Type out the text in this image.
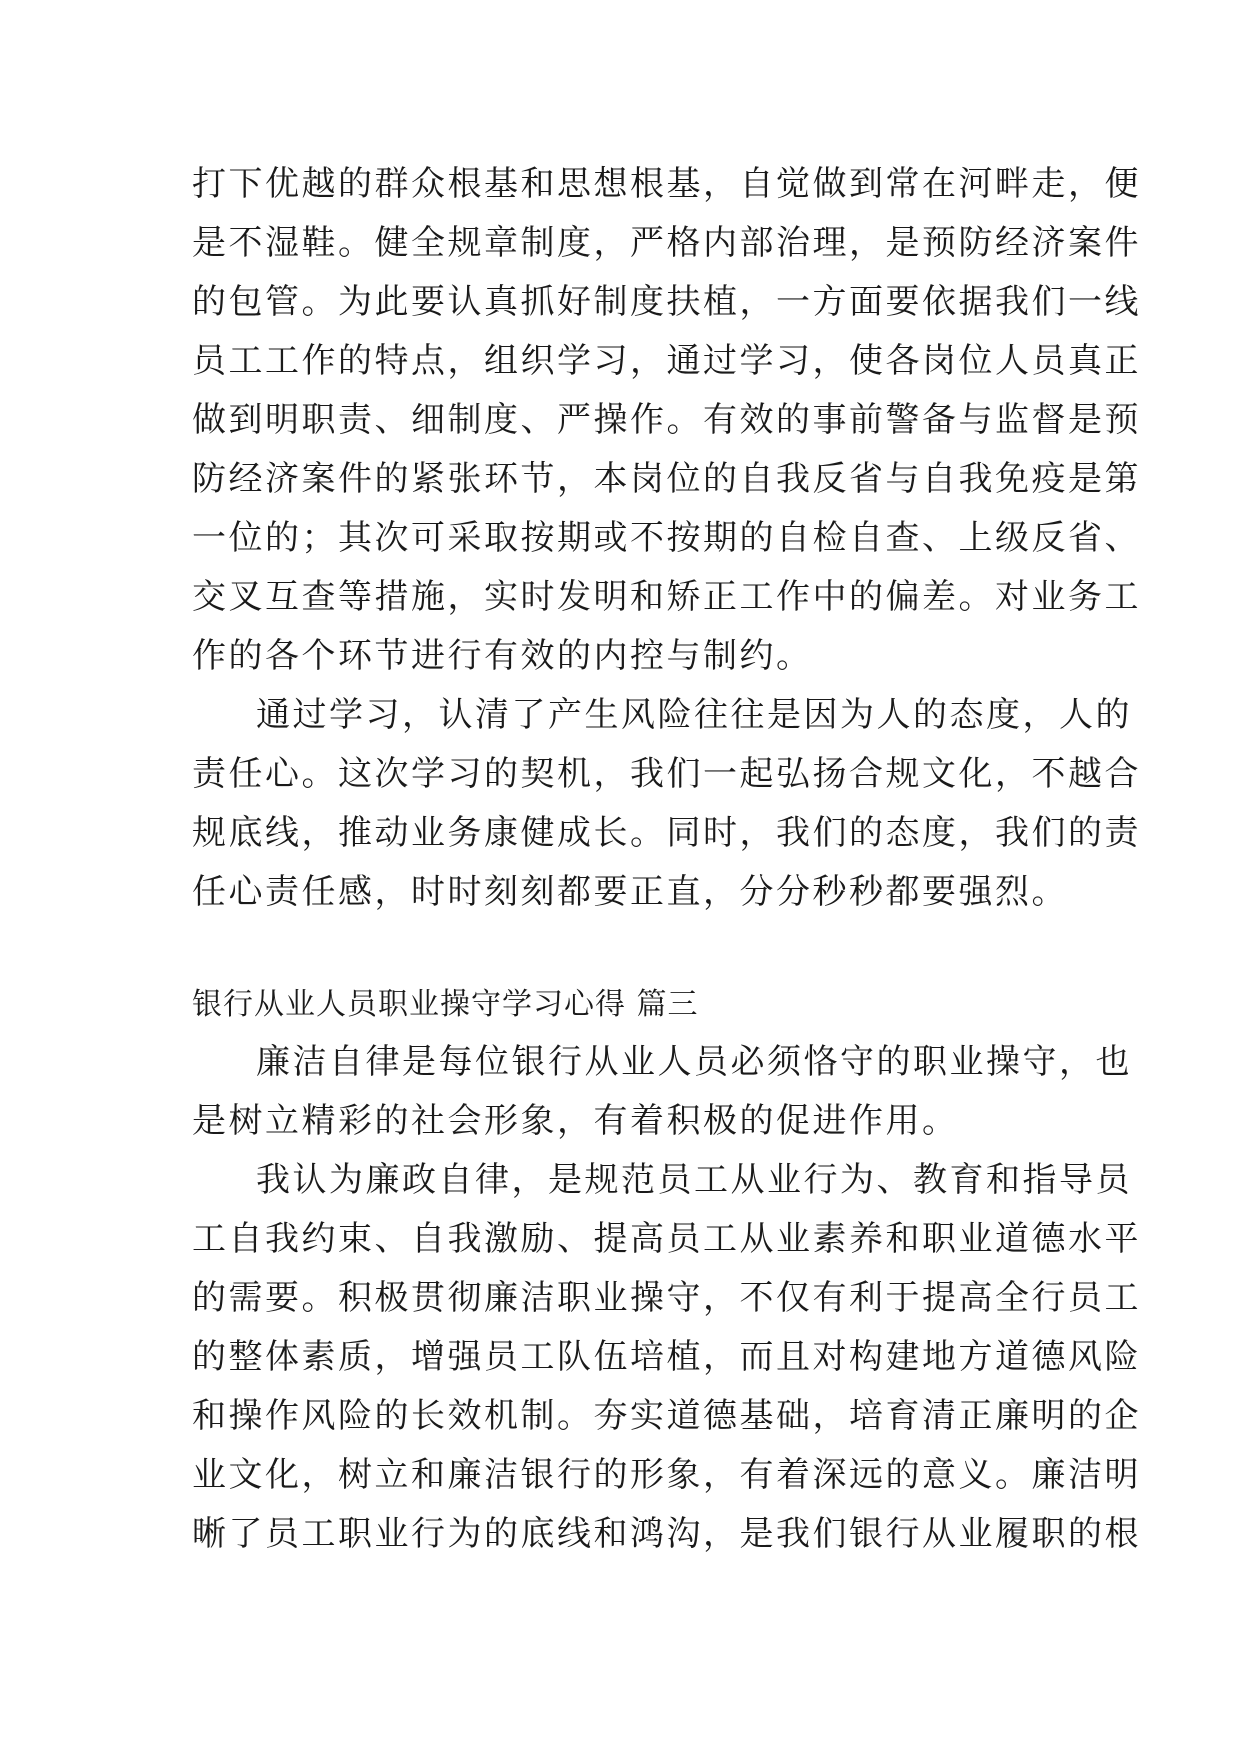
打下优越的群众根基和思想根基，自觉做到常在河畔走，便
是不湿鞋。健全规章制度，严格内部治理，是预防经济案件
的包管。为此要认真抓好制度扶植，一方面要依据我们一线
员工工作的特点，组织学习，通过学习，使各岗位人员真正
做到明职责、细制度、严操作。有效的事前警备与监督是预
防经济案件的紧张环节，本岗位的自我反省与自我免疫是第
一位的；其次可采取按期或不按期的自检自查、上级反省、
交叉互查等措施，实时发明和矫正工作中的偏差。对业务工
作的各个环节进行有效的内控与制约。
通过学习，认清了产生风险往往是因为人的态度，人的
责任心。这次学习的契机，我们一起弘扬合规文化，不越合
规底线，推动业务康健成长。同时，我们的态度，我们的责
任心责任感，时时刻刻都要正直，分分秒秒都要强烈。
银行从业人员职业操守学习心得 篇三
廉洁自律是每位银行从业人员必须恪守的职业操守，也
是树立精彩的社会形象，有着积极的促进作用。
我认为廉政自律，是规范员工从业行为、教育和指导员
工自我约束、自我激励、提高员工从业素养和职业道德水平
的需要。积极贯彻廉洁职业操守，不仅有利于提高全行员工
的整体素质，增强员工队伍培植，而且对构建地方道德风险
和操作风险的长效机制。夯实道德基础，培育清正廉明的企
业文化，树立和廉洁银行的形象，有着深远的意义。廉洁明
晰了员工职业行为的底线和鸿沟，是我们银行从业履职的根
